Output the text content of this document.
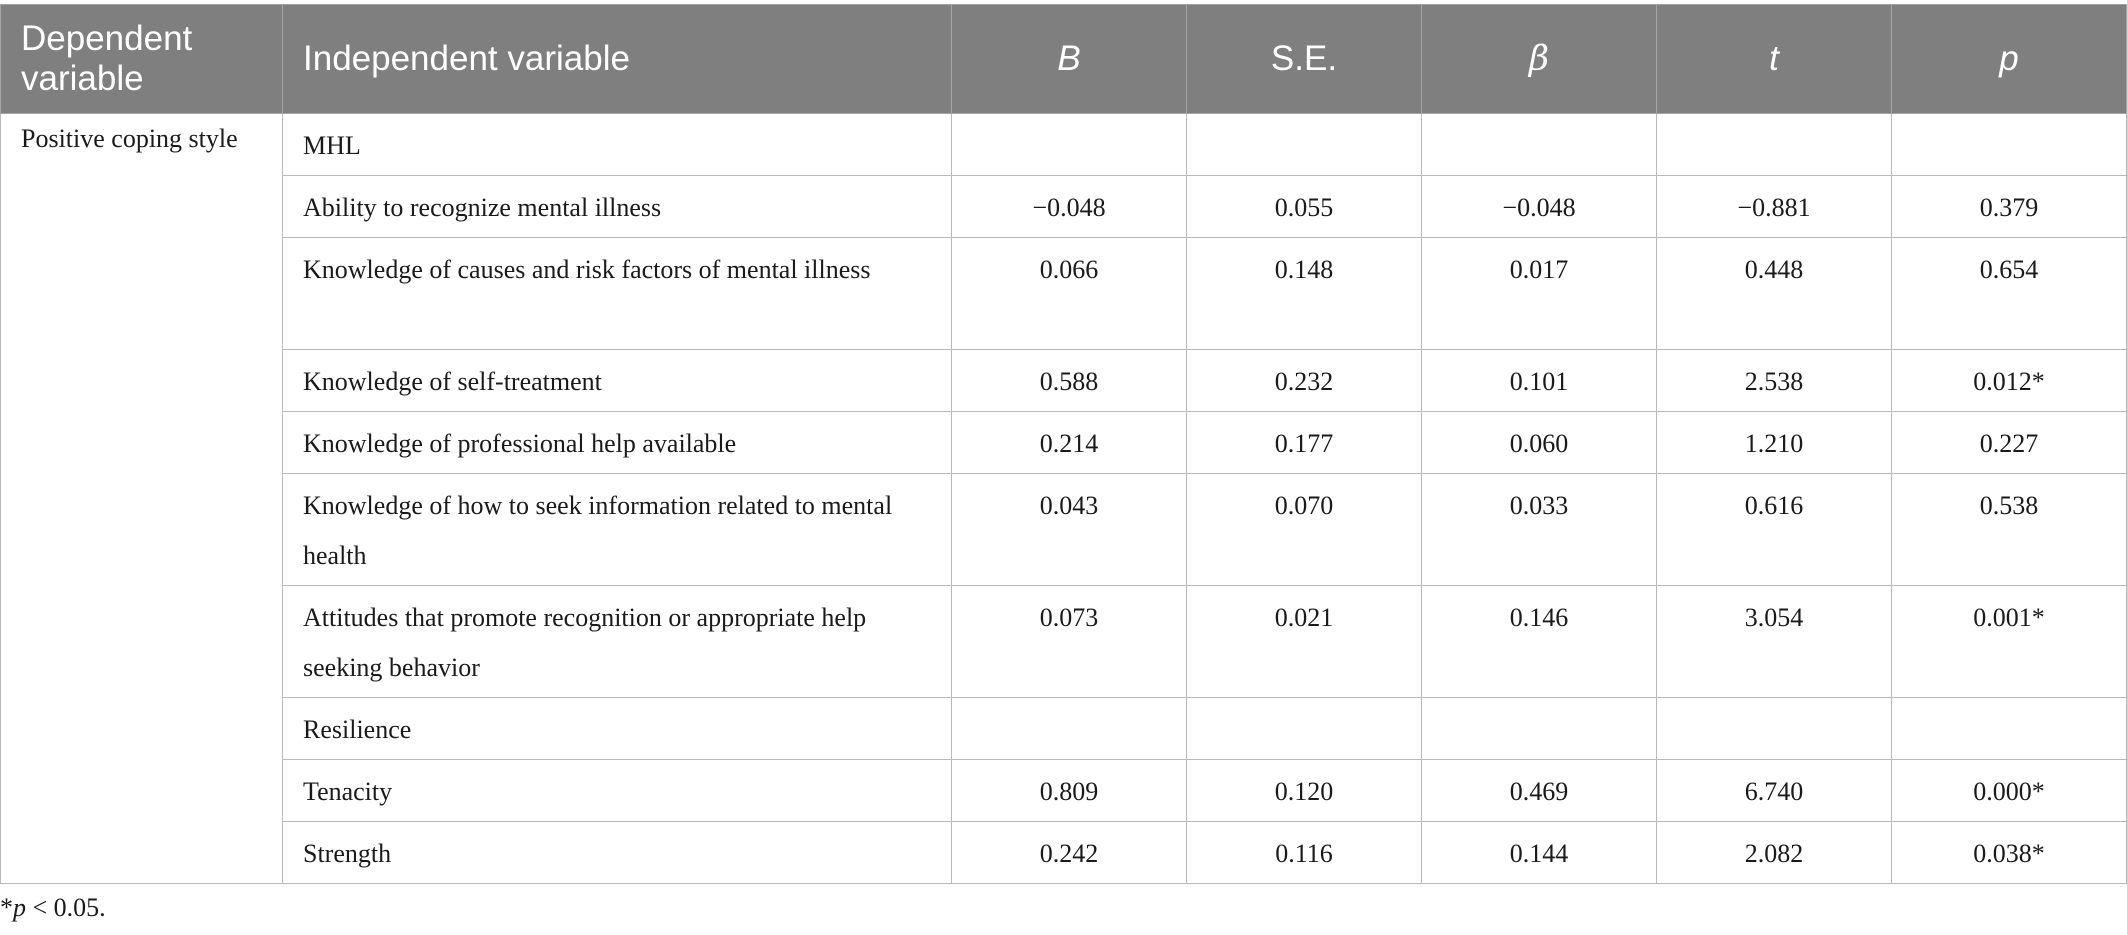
Dependent variable	Independent variable	B	S.E.	β	t	p
Positive coping style	MHL					
	Ability to recognize mental illness	−0.048	0.055	−0.048	−0.881	0.379
	Knowledge of causes and risk factors of mental illness	0.066	0.148	0.017	0.448	0.654
	Knowledge of self-treatment	0.588	0.232	0.101	2.538	0.012*
	Knowledge of professional help available	0.214	0.177	0.060	1.210	0.227
	Knowledge of how to seek information related to mental health	0.043	0.070	0.033	0.616	0.538
	Attitudes that promote recognition or appropriate help seeking behavior	0.073	0.021	0.146	3.054	0.001*
	Resilience					
	Tenacity	0.809	0.120	0.469	6.740	0.000*
	Strength	0.242	0.116	0.144	2.082	0.038*
*p < 0.05.
